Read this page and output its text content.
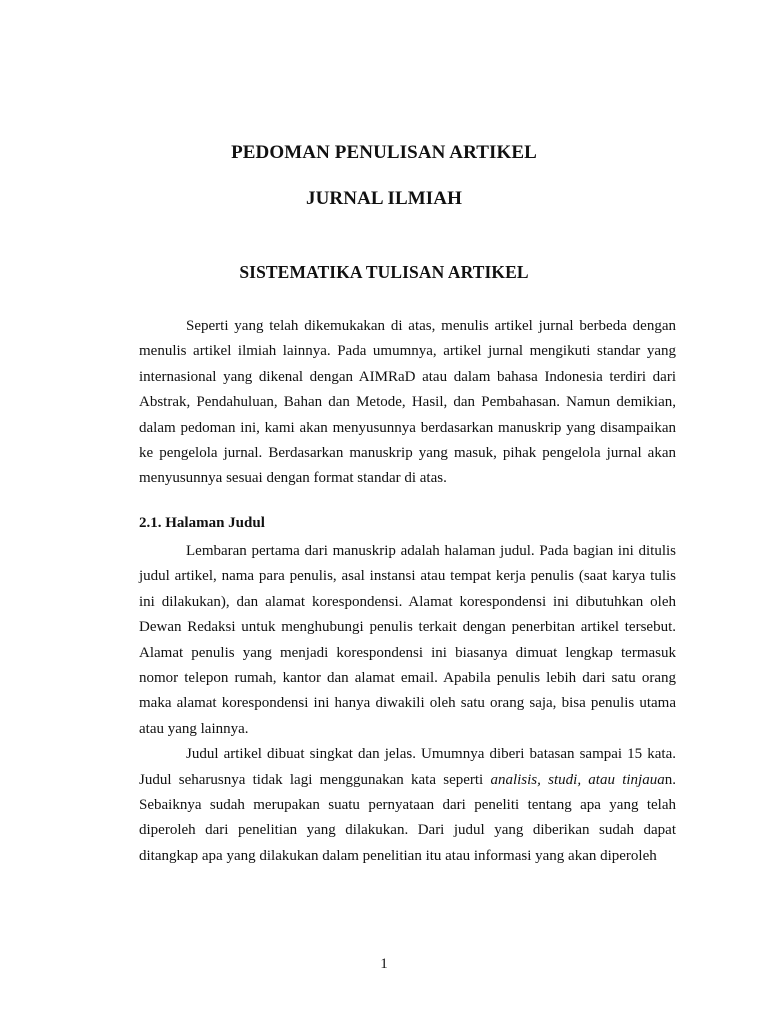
PEDOMAN PENULISAN ARTIKEL
JURNAL ILMIAH
SISTEMATIKA TULISAN ARTIKEL

Seperti yang telah dikemukakan di atas, menulis artikel jurnal berbeda dengan menulis artikel ilmiah lainnya. Pada umumnya, artikel jurnal mengikuti standar yang internasional yang dikenal dengan AIMRaD atau dalam bahasa Indonesia terdiri dari Abstrak, Pendahuluan, Bahan dan Metode, Hasil, dan Pembahasan. Namun demikian, dalam pedoman ini, kami akan menyusunnya berdasarkan manuskrip yang disampaikan ke pengelola jurnal. Berdasarkan manuskrip yang masuk, pihak pengelola jurnal akan menyusunnya sesuai dengan format standar di atas.

2.1. Halaman Judul

Lembaran pertama dari manuskrip adalah halaman judul. Pada bagian ini ditulis judul artikel, nama para penulis, asal instansi atau tempat kerja penulis (saat karya tulis ini dilakukan), dan alamat korespondensi. Alamat korespondensi ini dibutuhkan oleh Dewan Redaksi untuk menghubungi penulis terkait dengan penerbitan artikel tersebut. Alamat penulis yang menjadi korespondensi ini biasanya dimuat lengkap termasuk nomor telepon rumah, kantor dan alamat email. Apabila penulis lebih dari satu orang maka alamat korespondensi ini hanya diwakili oleh satu orang saja, bisa penulis utama atau yang lainnya.

Judul artikel dibuat singkat dan jelas. Umumnya diberi batasan sampai 15 kata. Judul seharusnya tidak lagi menggunakan kata seperti analisis, studi, atau tinjauan. Sebaiknya sudah merupakan suatu pernyataan dari peneliti tentang apa yang telah diperoleh dari penelitian yang dilakukan. Dari judul yang diberikan sudah dapat ditangkap apa yang dilakukan dalam penelitian itu atau informasi yang akan diperoleh

1
